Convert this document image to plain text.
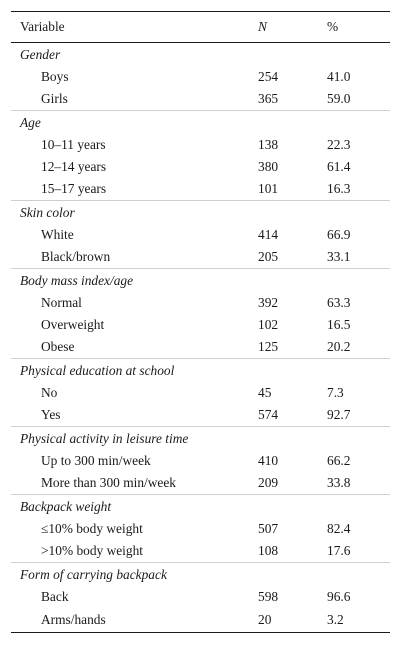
Variable	N	%
Gender		
Boys	254	41.0
Girls	365	59.0
Age		
10–11 years	138	22.3
12–14 years	380	61.4
15–17 years	101	16.3
Skin color		
White	414	66.9
Black/brown	205	33.1
Body mass index/age		
Normal	392	63.3
Overweight	102	16.5
Obese	125	20.2
Physical education at school		
No	45	7.3
Yes	574	92.7
Physical activity in leisure time		
Up to 300 min/week	410	66.2
More than 300 min/week	209	33.8
Backpack weight		
≤10% body weight	507	82.4
>10% body weight	108	17.6
Form of carrying backpack		
Back	598	96.6
Arms/hands	20	3.2
